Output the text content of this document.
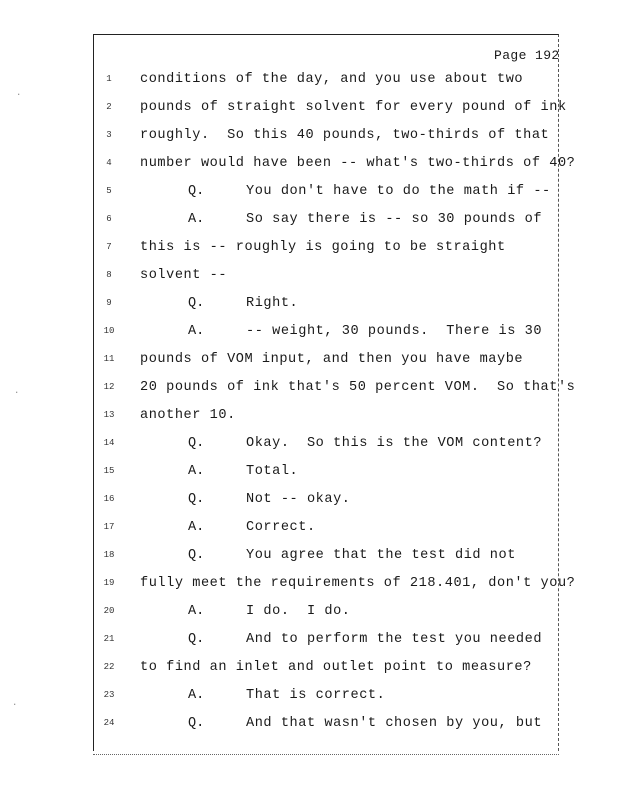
Page 192
1	conditions of the day, and you use about two
2	pounds of straight solvent for every pound of ink
3	roughly.  So this 40 pounds, two-thirds of that
4	number would have been -- what's two-thirds of 40?
5	Q.	You don't have to do the math if --
6	A.	So say there is -- so 30 pounds of
7	this is -- roughly is going to be straight
8	solvent --
9	Q.	Right.
10	A.	-- weight, 30 pounds.  There is 30
11	pounds of VOM input, and then you have maybe
12	20 pounds of ink that's 50 percent VOM.  So that's
13	another 10.
14	Q.	Okay.  So this is the VOM content?
15	A.	Total.
16	Q.	Not -- okay.
17	A.	Correct.
18	Q.	You agree that the test did not
19	fully meet the requirements of 218.401, don't you?
20	A.	I do.  I do.
21	Q.	And to perform the test you needed
22	to find an inlet and outlet point to measure?
23	A.	That is correct.
24	Q.	And that wasn't chosen by you, but
·
·
·
